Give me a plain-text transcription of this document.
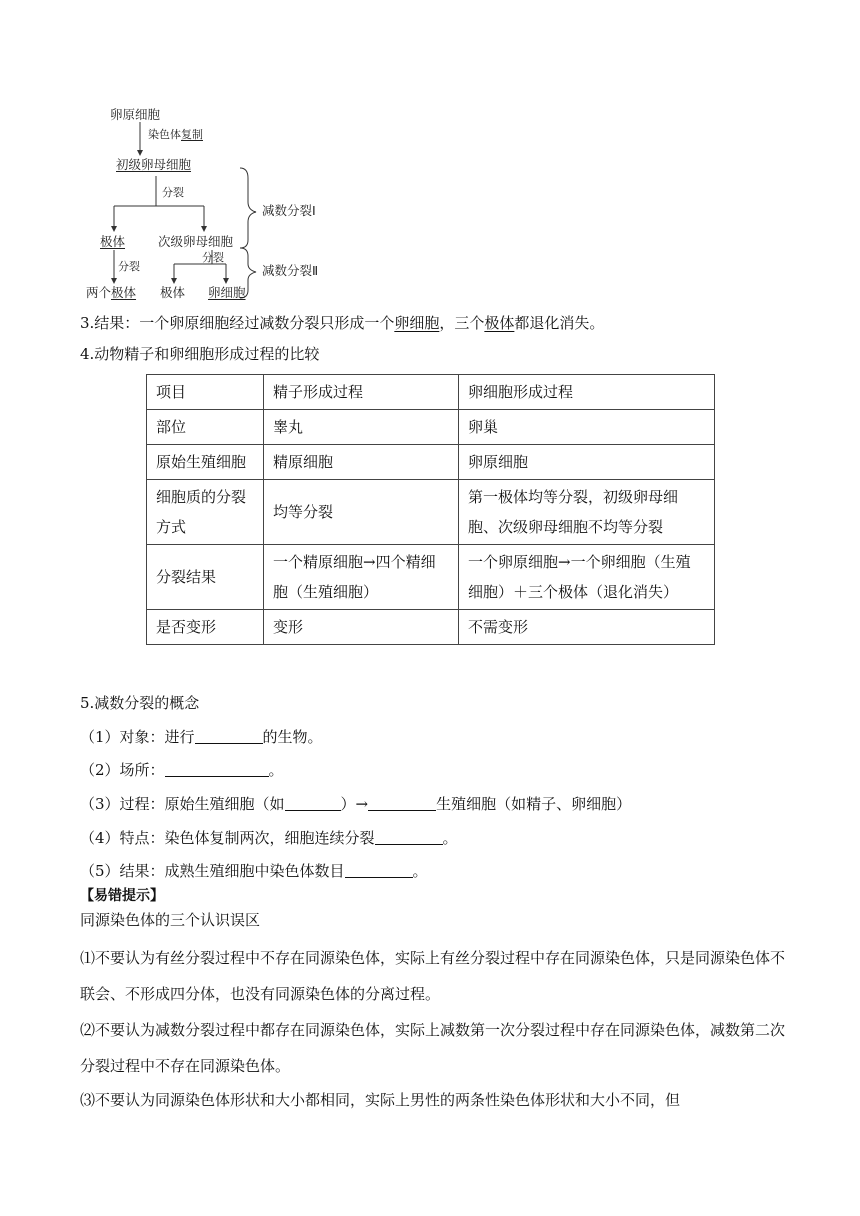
卵原细胞
染色体复制
初级卵母细胞
分裂
极体	次级卵母细胞
分裂
分裂
两个极体 极体 卵细胞
减数分裂Ⅰ
减数分裂Ⅱ
3.结果：一个卵原细胞经过减数分裂只形成一个卵细胞，三个极体都退化消失。
4.动物精子和卵细胞形成过程的比较
项目	精子形成过程	卵细胞形成过程
部位	睾丸	卵巢
原始生殖细胞	精原细胞	卵原细胞
细胞质的分裂方式	均等分裂	第一极体均等分裂，初级卵母细胞、次级卵母细胞不均等分裂
分裂结果	一个精原细胞→四个精细胞（生殖细胞）	一个卵原细胞→一个卵细胞（生殖细胞）＋三个极体（退化消失）
是否变形	变形	不需变形
5.减数分裂的概念
（1）对象：进行	的生物。
（2）场所：	。
（3）过程：原始生殖细胞（如	）→	生殖细胞（如精子、卵细胞）
（4）特点：染色体复制两次，细胞连续分裂	。
（5）结果：成熟生殖细胞中染色体数目	。
【易错提示】
同源染色体的三个认识误区
⑴不要认为有丝分裂过程中不存在同源染色体，实际上有丝分裂过程中存在同源染色体，只是同源染色体不联会、不形成四分体，也没有同源染色体的分离过程。
⑵不要认为减数分裂过程中都存在同源染色体，实际上减数第一次分裂过程中存在同源染色体，减数第二次分裂过程中不存在同源染色体。
⑶不要认为同源染色体形状和大小都相同，实际上男性的两条性染色体形状和大小不同，但
